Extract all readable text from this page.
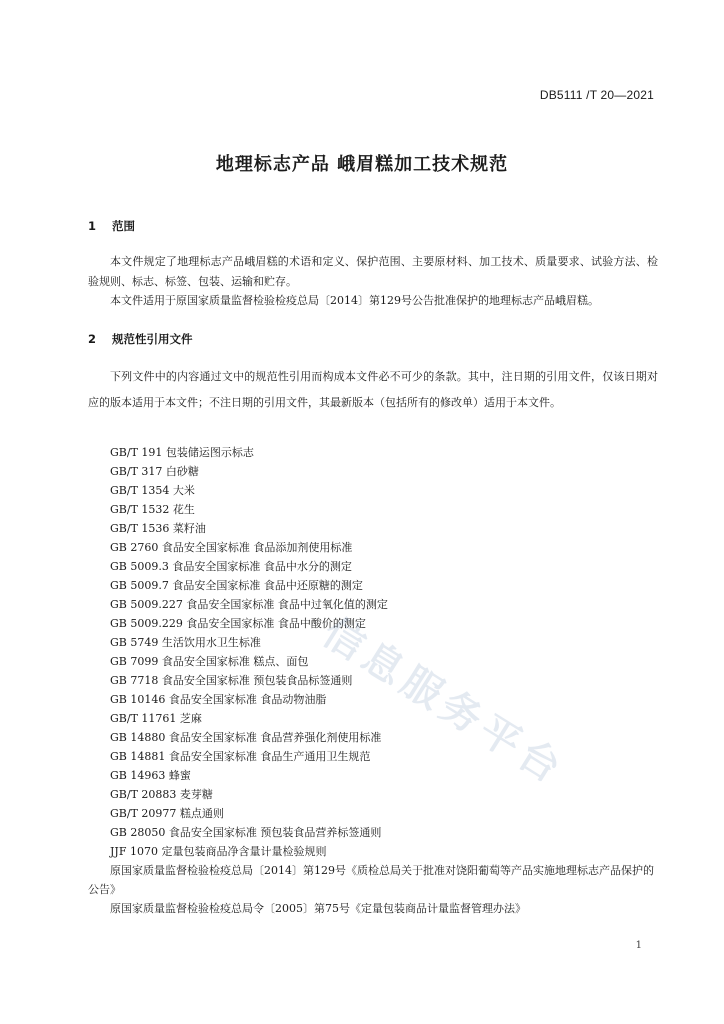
DB5111 /T 20—2021
地理标志产品 峨眉糕加工技术规范
1 范围
本文件规定了地理标志产品峨眉糕的术语和定义、保护范围、主要原材料、加工技术、质量要求、试验方法、检验规则、标志、标签、包装、运输和贮存。
本文件适用于原国家质量监督检验检疫总局〔2014〕第129号公告批准保护的地理标志产品峨眉糕。
2 规范性引用文件
下列文件中的内容通过文中的规范性引用而构成本文件必不可少的条款。其中，注日期的引用文件，仅该日期对应的版本适用于本文件；不注日期的引用文件，其最新版本（包括所有的修改单）适用于本文件。
GB/T 191 包装储运图示标志
GB/T 317 白砂糖
GB/T 1354 大米
GB/T 1532 花生
GB/T 1536 菜籽油
GB 2760 食品安全国家标准 食品添加剂使用标准
GB 5009.3 食品安全国家标准 食品中水分的测定
GB 5009.7 食品安全国家标准 食品中还原糖的测定
GB 5009.227 食品安全国家标准 食品中过氧化值的测定
GB 5009.229 食品安全国家标准 食品中酸价的测定
GB 5749 生活饮用水卫生标准
GB 7099 食品安全国家标准 糕点、面包
GB 7718 食品安全国家标准 预包装食品标签通则
GB 10146 食品安全国家标准 食品动物油脂
GB/T 11761 芝麻
GB 14880 食品安全国家标准 食品营养强化剂使用标准
GB 14881 食品安全国家标准 食品生产通用卫生规范
GB 14963 蜂蜜
GB/T 20883 麦芽糖
GB/T 20977 糕点通则
GB 28050 食品安全国家标准 预包装食品营养标签通则
JJF 1070 定量包装商品净含量计量检验规则
原国家质量监督检验检疫总局〔2014〕第129号《质检总局关于批准对饶阳葡萄等产品实施地理标志产品保护的公告》
原国家质量监督检验检疫总局令〔2005〕第75号《定量包装商品计量监督管理办法》
信息服务平台
1
